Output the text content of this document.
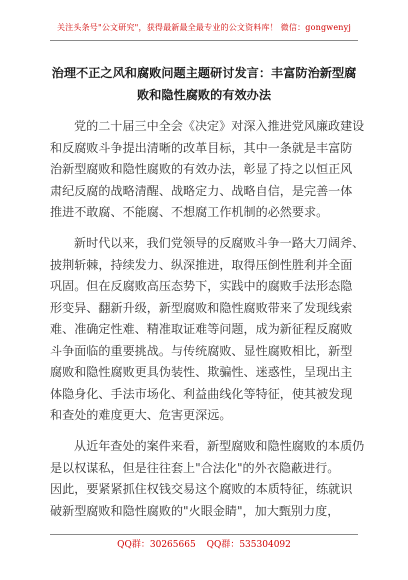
关注头条号"公文研究"，获得最新最全最专业的公文资料库！ 微信：gongwenyj
治理不正之风和腐败问题主题研讨发言：丰富防治新型腐
败和隐性腐败的有效办法
党的二十届三中全会《决定》对深入推进党风廉政建设
和反腐败斗争提出清晰的改革目标，其中一条就是丰富防
治新型腐败和隐性腐败的有效办法，彰显了持之以恒正风
肃纪反腐的战略清醒、战略定力、战略自信，是完善一体
推进不敢腐、不能腐、不想腐工作机制的必然要求。
新时代以来，我们党领导的反腐败斗争一路大刀阔斧、
披荆斩棘，持续发力、纵深推进，取得压倒性胜利并全面
巩固。但在反腐败高压态势下，实践中的腐败手法形态隐
形变异、翻新升级，新型腐败和隐性腐败带来了发现线索
难、准确定性难、精准取证难等问题，成为新征程反腐败
斗争面临的重要挑战。与传统腐败、显性腐败相比，新型
腐败和隐性腐败更具伪装性、欺骗性、迷惑性，呈现出主
体隐身化、手法市场化、利益曲线化等特征，使其被发现
和查处的难度更大、危害更深远。
从近年查处的案件来看，新型腐败和隐性腐败的本质仍
是以权谋私，但是往往套上"合法化"的外衣隐蔽进行。
因此，要紧紧抓住权钱交易这个腐败的本质特征，练就识
破新型腐败和隐性腐败的"火眼金睛"，加大甄别力度，
QQ群：30265665 QQ群：535304092
